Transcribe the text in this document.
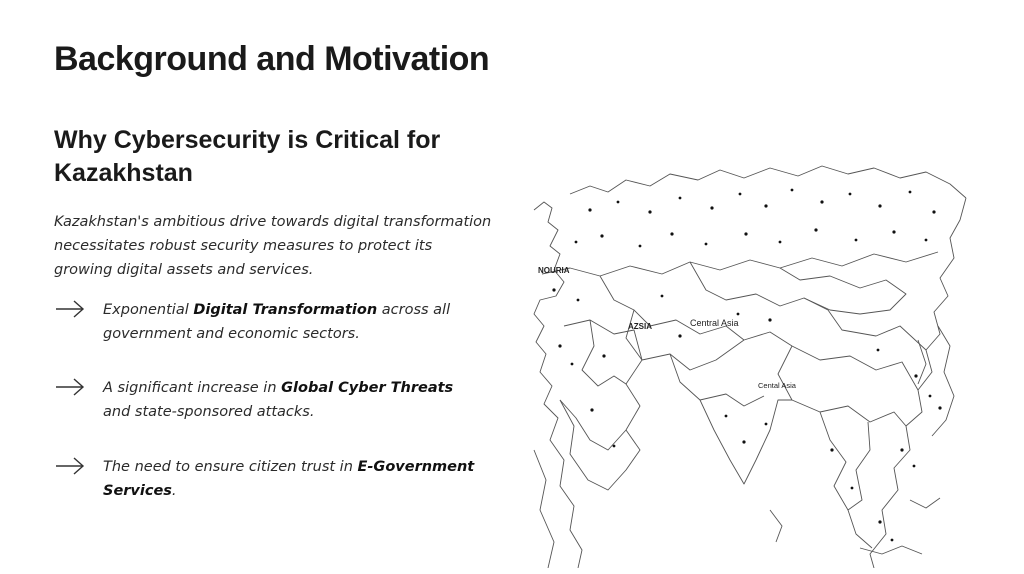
Background and Motivation
Why Cybersecurity is Critical for Kazakhstan

Kazakhstan's ambitious drive towards digital transformation necessitates robust security measures to protect its growing digital assets and services.

Exponential Digital Transformation across all government and economic sectors.
A significant increase in Global Cyber Threats and state-sponsored attacks.
The need to ensure citizen trust in E-Government Services.
NOURIA
AZSIA	Central Asia
Cental Asia
